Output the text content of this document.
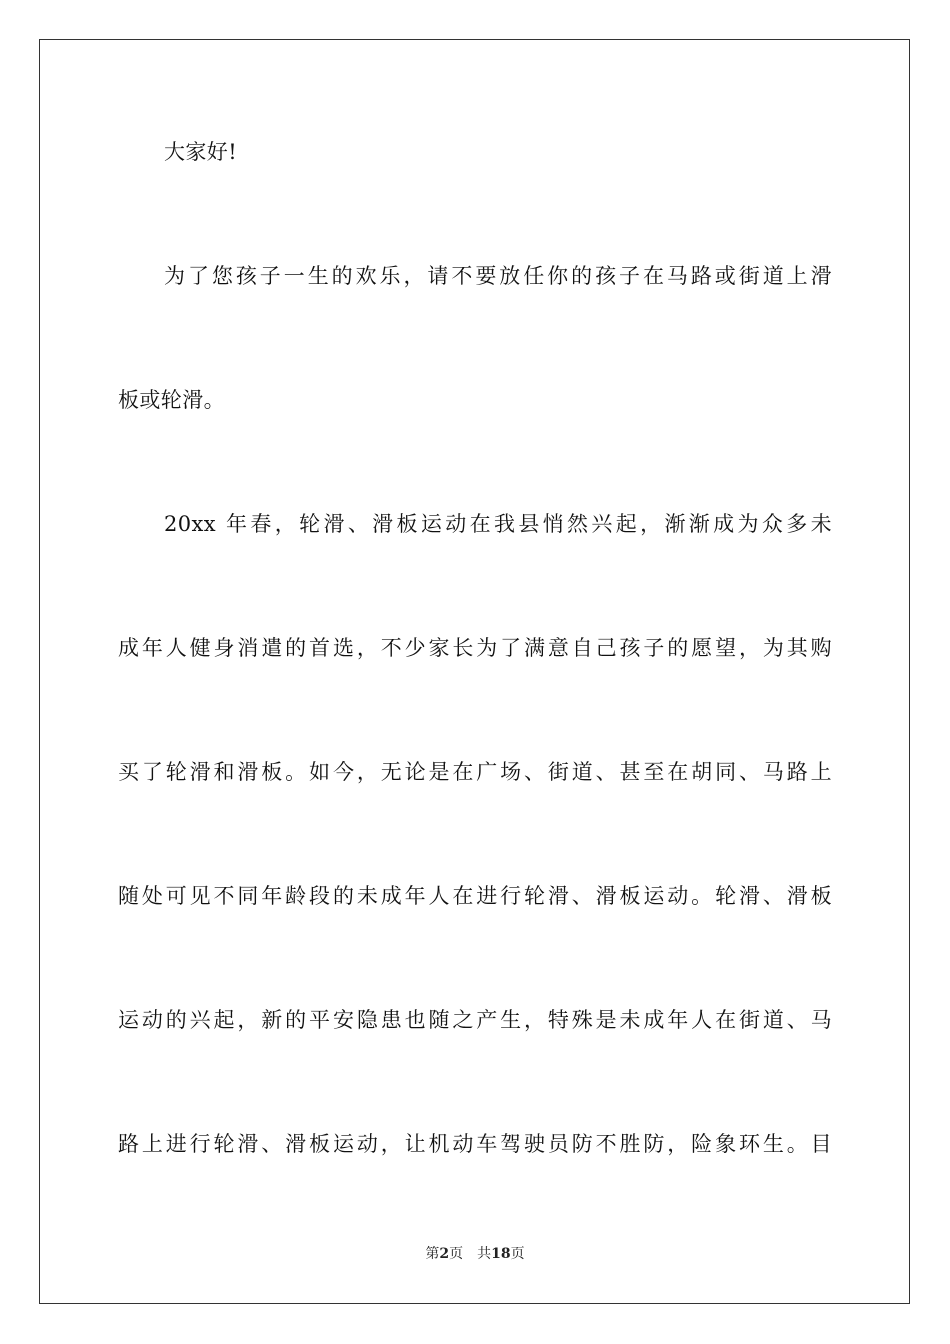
大家好!
为了您孩子一生的欢乐，请不要放任你的孩子在马路或街道上滑
板或轮滑。
20xx 年春，轮滑、滑板运动在我县悄然兴起，渐渐成为众多未
成年人健身消遣的首选，不少家长为了满意自己孩子的愿望，为其购
买了轮滑和滑板。如今，无论是在广场、街道、甚至在胡同、马路上
随处可见不同年龄段的未成年人在进行轮滑、滑板运动。轮滑、滑板
运动的兴起，新的平安隐患也随之产生，特殊是未成年人在街道、马
路上进行轮滑、滑板运动，让机动车驾驶员防不胜防，险象环生。目
第2页 共18页
